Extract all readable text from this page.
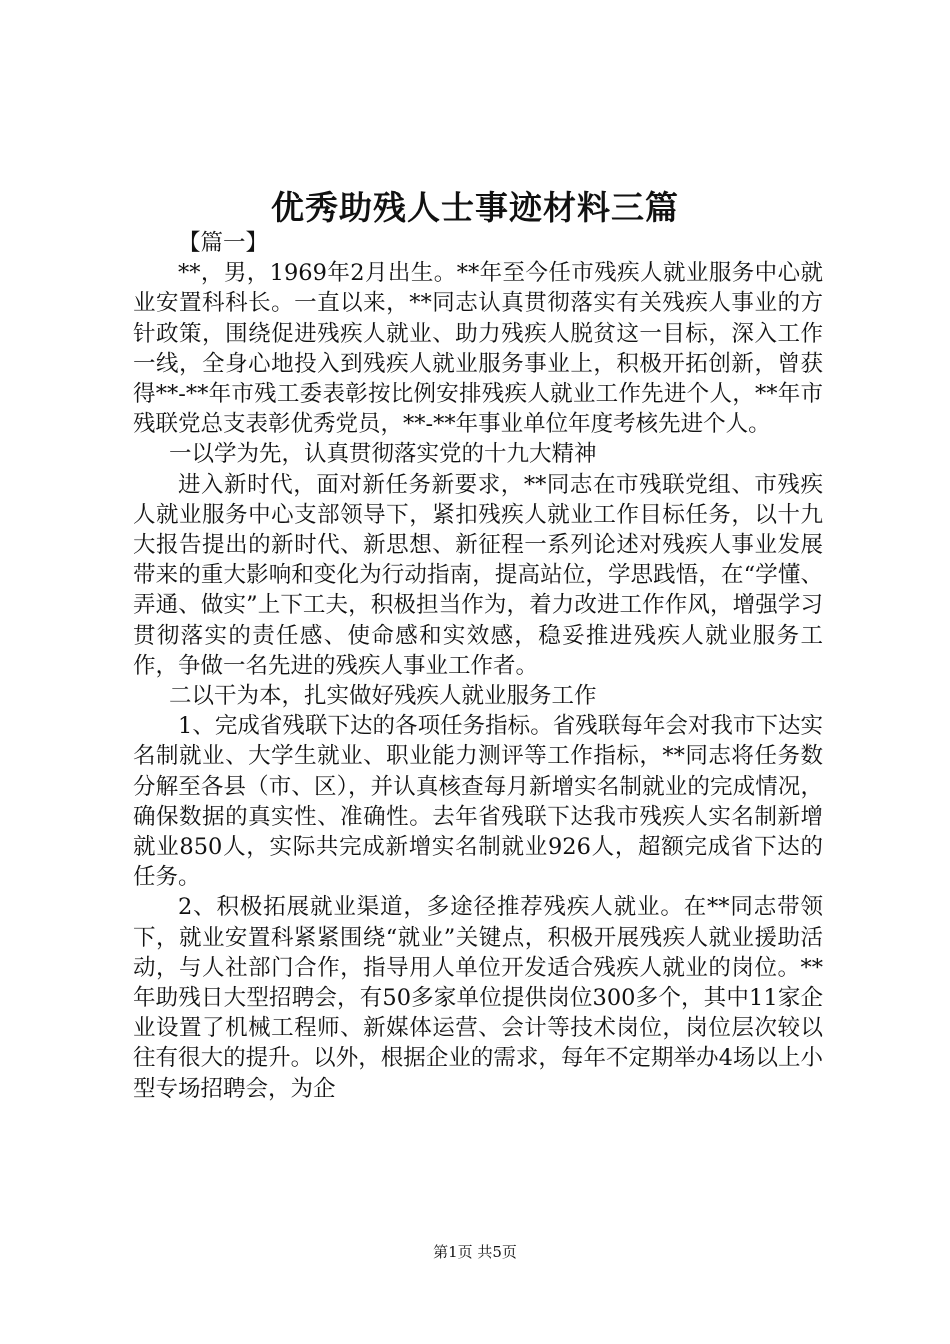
优秀助残人士事迹材料三篇

【篇一】

**，男，1969年2月出生。**年至今任市残疾人就业服务中心就业安置科科长。一直以来，**同志认真贯彻落实有关残疾人事业的方针政策，围绕促进残疾人就业、助力残疾人脱贫这一目标，深入工作一线，全身心地投入到残疾人就业服务事业上，积极开拓创新，曾获得**-**年市残工委表彰按比例安排残疾人就业工作先进个人，**年市残联党总支表彰优秀党员，**-**年事业单位年度考核先进个人。

一以学为先，认真贯彻落实党的十九大精神

进入新时代，面对新任务新要求，**同志在市残联党组、市残疾人就业服务中心支部领导下，紧扣残疾人就业工作目标任务，以十九大报告提出的新时代、新思想、新征程一系列论述对残疾人事业发展带来的重大影响和变化为行动指南，提高站位，学思践悟，在“学懂、弄通、做实”上下工夫，积极担当作为，着力改进工作作风，增强学习贯彻落实的责任感、使命感和实效感，稳妥推进残疾人就业服务工作，争做一名先进的残疾人事业工作者。

二以干为本，扎实做好残疾人就业服务工作

1、完成省残联下达的各项任务指标。省残联每年会对我市下达实名制就业、大学生就业、职业能力测评等工作指标，**同志将任务数分解至各县（市、区），并认真核查每月新增实名制就业的完成情况，确保数据的真实性、准确性。去年省残联下达我市残疾人实名制新增就业850人，实际共完成新增实名制就业926人，超额完成省下达的任务。

2、积极拓展就业渠道，多途径推荐残疾人就业。在**同志带领下，就业安置科紧紧围绕“就业”关键点，积极开展残疾人就业援助活动，与人社部门合作，指导用人单位开发适合残疾人就业的岗位。**年助残日大型招聘会，有50多家单位提供岗位300多个，其中11家企业设置了机械工程师、新媒体运营、会计等技术岗位，岗位层次较以往有很大的提升。以外，根据企业的需求，每年不定期举办4场以上小型专场招聘会，为企

第1页 共5页
